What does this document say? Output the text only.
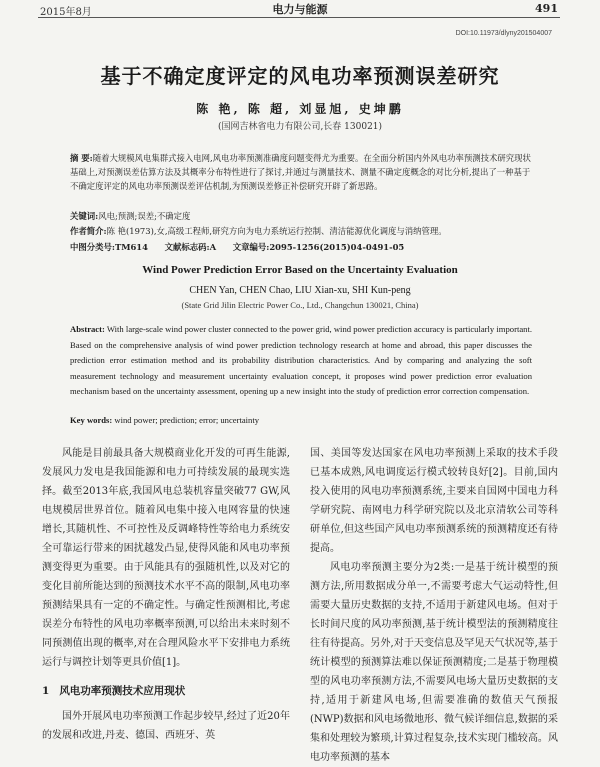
2015年8月	电力与能源	491
DOI:10.11973/dlyny201504007
基于不确定度评定的风电功率预测误差研究
陈 艳, 陈 超, 刘显旭, 史坤鹏
(国网吉林省电力有限公司,长春 130021)
摘 要:随着大规模风电集群式接入电网,风电功率预测准确度问题变得尤为重要。在全面分析国内外风电功率预测技术研究现状基础上,对预测误差估算方法及其概率分布特性进行了探讨,并通过与测量技术、测量不确定度概念的对比分析,提出了一种基于不确定度评定的风电功率预测误差评估机制,为预测误差修正补偿研究开辟了新思路。
关键词:风电;预测;误差;不确定度
作者简介:陈 艳(1973),女,高级工程师,研究方向为电力系统运行控制、清洁能源优化调度与消纳管理。
中图分类号:TM614 文献标志码:A 文章编号:2095-1256(2015)04-0491-05
Wind Power Prediction Error Based on the Uncertainty Evaluation
CHEN Yan, CHEN Chao, LIU Xian-xu, SHI Kun-peng
(State Grid Jilin Electric Power Co., Ltd., Changchun 130021, China)
Abstract: With large-scale wind power cluster connected to the power grid, wind power prediction accuracy is particularly important. Based on the comprehensive analysis of wind power prediction technology research at home and abroad, this paper discusses the prediction error estimation method and its probability distribution characteristics. And by comparing and analyzing the soft measurement technology and measurement uncertainty evaluation concept, it proposes wind power prediction error evaluation mechanism based on the uncertainty assessment, opening up a new insight into the study of prediction error correction compensation.
Key words: wind power; prediction; error; uncertainty

风能是目前最具备大规模商业化开发的可再生能源,发展风力发电是我国能源和电力可持续发展的最现实选择。截至2013年底,我国风电总装机容量突破77 GW,风电规模居世界首位。随着风电集中接入电网容量的快速增长,其随机性、不可控性及反调峰特性等给电力系统安全可靠运行带来的困扰越发凸显,使得风能和风电功率预测变得更为重要。由于风能具有的强随机性,以及对它的变化目前所能达到的预测技术水平不高的限制,风电功率预测结果具有一定的不确定性。与确定性预测相比,考虑误差分布特性的风电功率概率预测,可以给出未来时刻不同预测值出现的概率,对在合理风险水平下安排电力系统运行与调控计划等更具价值[1]。

1 风电功率预测技术应用现状

国外开展风电功率预测工作起步较早,经过了近20年的发展和改进,丹麦、德国、西班牙、英

国、美国等发达国家在风电功率预测上采取的技术手段已基本成熟,风电调度运行模式较转良好[2]。目前,国内投入使用的风电功率预测系统,主要来自国网中国电力科学研究院、南网电力科学研究院以及北京清软公司等科研单位,但这些国产风电功率预测系统的预测精度还有待提高。

风电功率预测主要分为2类:一是基于统计模型的预测方法,所用数据成分单一,不需要考虑大气运动特性,但需要大量历史数据的支持,不适用于新建风电场。但对于长时间尺度的风功率预测,基于统计模型法的预测精度往往有待提高。另外,对于天变信息及罕见天气状况等,基于统计模型的预测算法难以保证预测精度;二是基于物理模型的风电功率预测方法,不需要风电场大量历史数据的支持,适用于新建风电场,但需要准确的数值天气预报(NWP)数据和风电场微地形、微气候详细信息,数据的采集和处理较为繁琐,计算过程复杂,技术实现门槛较高。风电功率预测的基本
